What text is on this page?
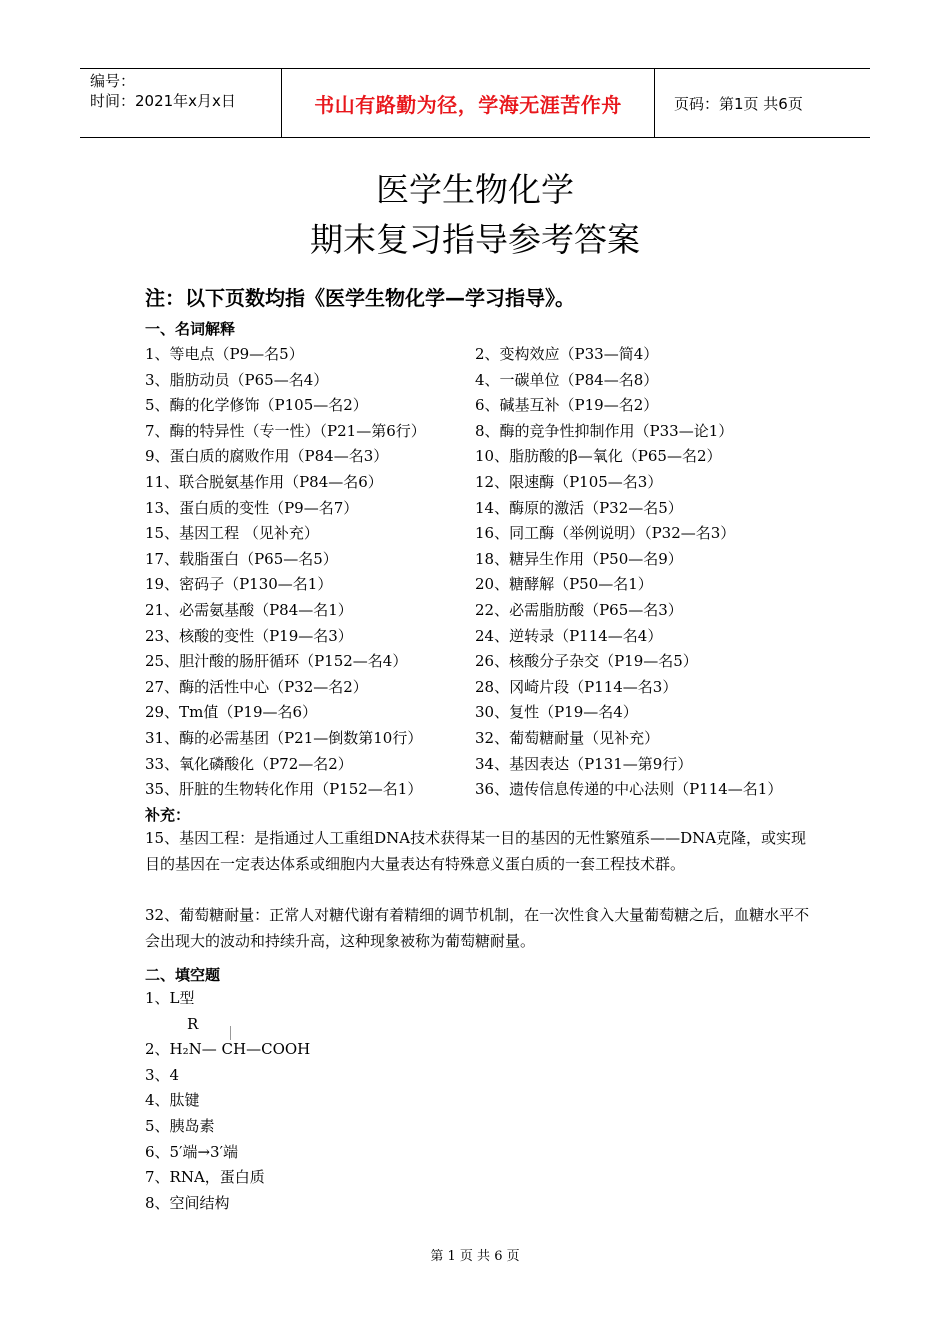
编号：
时间：2021年x月x日	书山有路勤为径，学海无涯苦作舟	页码：第1页 共6页
医学生物化学
期末复习指导参考答案
注：以下页数均指《医学生物化学—学习指导》。
一、名词解释
1、等电点（P9—名5）	2、变构效应（P33—简4）
3、脂肪动员（P65—名4）	4、一碳单位（P84—名8）
5、酶的化学修饰（P105—名2）	6、碱基互补（P19—名2）
7、酶的特异性（专一性）（P21—第6行）	8、酶的竞争性抑制作用（P33—论1）
9、蛋白质的腐败作用（P84—名3）	10、脂肪酸的β—氧化（P65—名2）
11、联合脱氨基作用（P84—名6）	12、限速酶（P105—名3）
13、蛋白质的变性（P9—名7）	14、酶原的激活（P32—名5）
15、基因工程 （见补充）	16、同工酶（举例说明）（P32—名3）
17、载脂蛋白（P65—名5）	18、糖异生作用（P50—名9）
19、密码子（P130—名1）	20、糖酵解（P50—名1）
21、必需氨基酸（P84—名1）	22、必需脂肪酸（P65—名3）
23、核酸的变性（P19—名3）	24、逆转录（P114—名4）
25、胆汁酸的肠肝循环（P152—名4）	26、核酸分子杂交（P19—名5）
27、酶的活性中心（P32—名2）	28、冈崎片段（P114—名3）
29、Tm值（P19—名6）	30、复性（P19—名4）
31、酶的必需基团（P21—倒数第10行）	32、葡萄糖耐量（见补充）
33、氧化磷酸化（P72—名2）	34、基因表达（P131—第9行）
35、肝脏的生物转化作用（P152—名1）	36、遗传信息传递的中心法则（P114—名1）
补充：
15、基因工程：是指通过人工重组DNA技术获得某一目的基因的无性繁殖系——DNA克隆，或实现目的基因在一定表达体系或细胞内大量表达有特殊意义蛋白质的一套工程技术群。
32、葡萄糖耐量：正常人对糖代谢有着精细的调节机制，在一次性食入大量葡萄糖之后，血糖水平不会出现大的波动和持续升高，这种现象被称为葡萄糖耐量。
二、填空题
1、L型
R
2、H₂N— CH—COOH
3、4
4、肽键
5、胰岛素
6、5′端→3′端
7、RNA，蛋白质
8、空间结构
第 1 页 共 6 页
